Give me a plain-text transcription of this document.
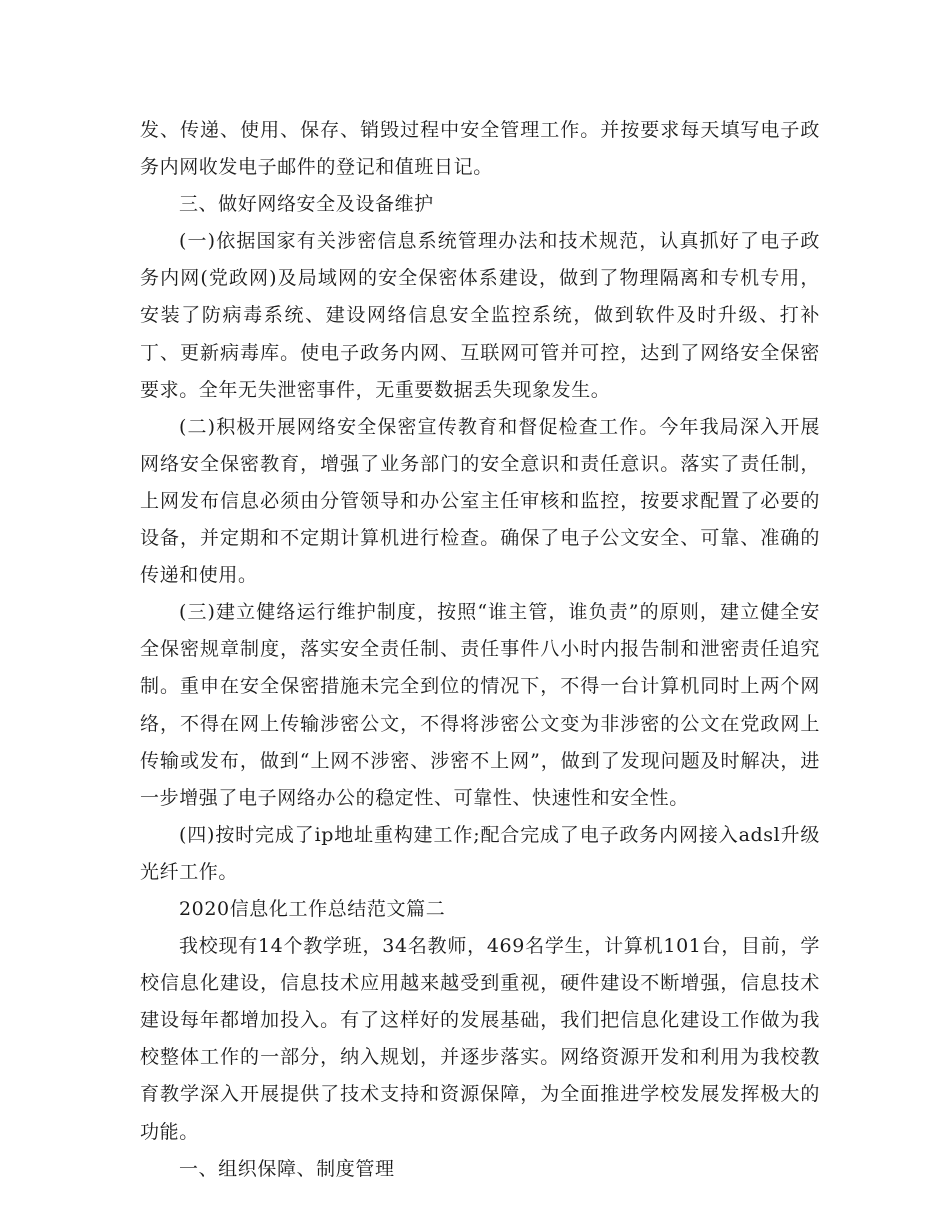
发、传递、使用、保存、销毁过程中安全管理工作。并按要求每天填写电子政务内网收发电子邮件的登记和值班日记。

三、做好网络安全及设备维护

(一)依据国家有关涉密信息系统管理办法和技术规范，认真抓好了电子政务内网(党政网)及局域网的安全保密体系建设，做到了物理隔离和专机专用，安装了防病毒系统、建设网络信息安全监控系统，做到软件及时升级、打补丁、更新病毒库。使电子政务内网、互联网可管并可控，达到了网络安全保密要求。全年无失泄密事件，无重要数据丢失现象发生。

(二)积极开展网络安全保密宣传教育和督促检查工作。今年我局深入开展网络安全保密教育，增强了业务部门的安全意识和责任意识。落实了责任制，上网发布信息必须由分管领导和办公室主任审核和监控，按要求配置了必要的设备，并定期和不定期计算机进行检查。确保了电子公文安全、可靠、准确的传递和使用。

(三)建立健络运行维护制度，按照“谁主管，谁负责”的原则，建立健全安全保密规章制度，落实安全责任制、责任事件八小时内报告制和泄密责任追究制。重申在安全保密措施未完全到位的情况下，不得一台计算机同时上两个网络，不得在网上传输涉密公文，不得将涉密公文变为非涉密的公文在党政网上传输或发布，做到“上网不涉密、涉密不上网”，做到了发现问题及时解决，进一步增强了电子网络办公的稳定性、可靠性、快速性和安全性。

(四)按时完成了ip地址重构建工作;配合完成了电子政务内网接入adsl升级光纤工作。

2020信息化工作总结范文篇二

我校现有14个教学班，34名教师，469名学生，计算机101台，目前，学校信息化建设，信息技术应用越来越受到重视，硬件建设不断增强，信息技术建设每年都增加投入。有了这样好的发展基础，我们把信息化建设工作做为我校整体工作的一部分，纳入规划，并逐步落实。网络资源开发和利用为我校教育教学深入开展提供了技术支持和资源保障，为全面推进学校发展发挥极大的功能。

一、组织保障、制度管理
